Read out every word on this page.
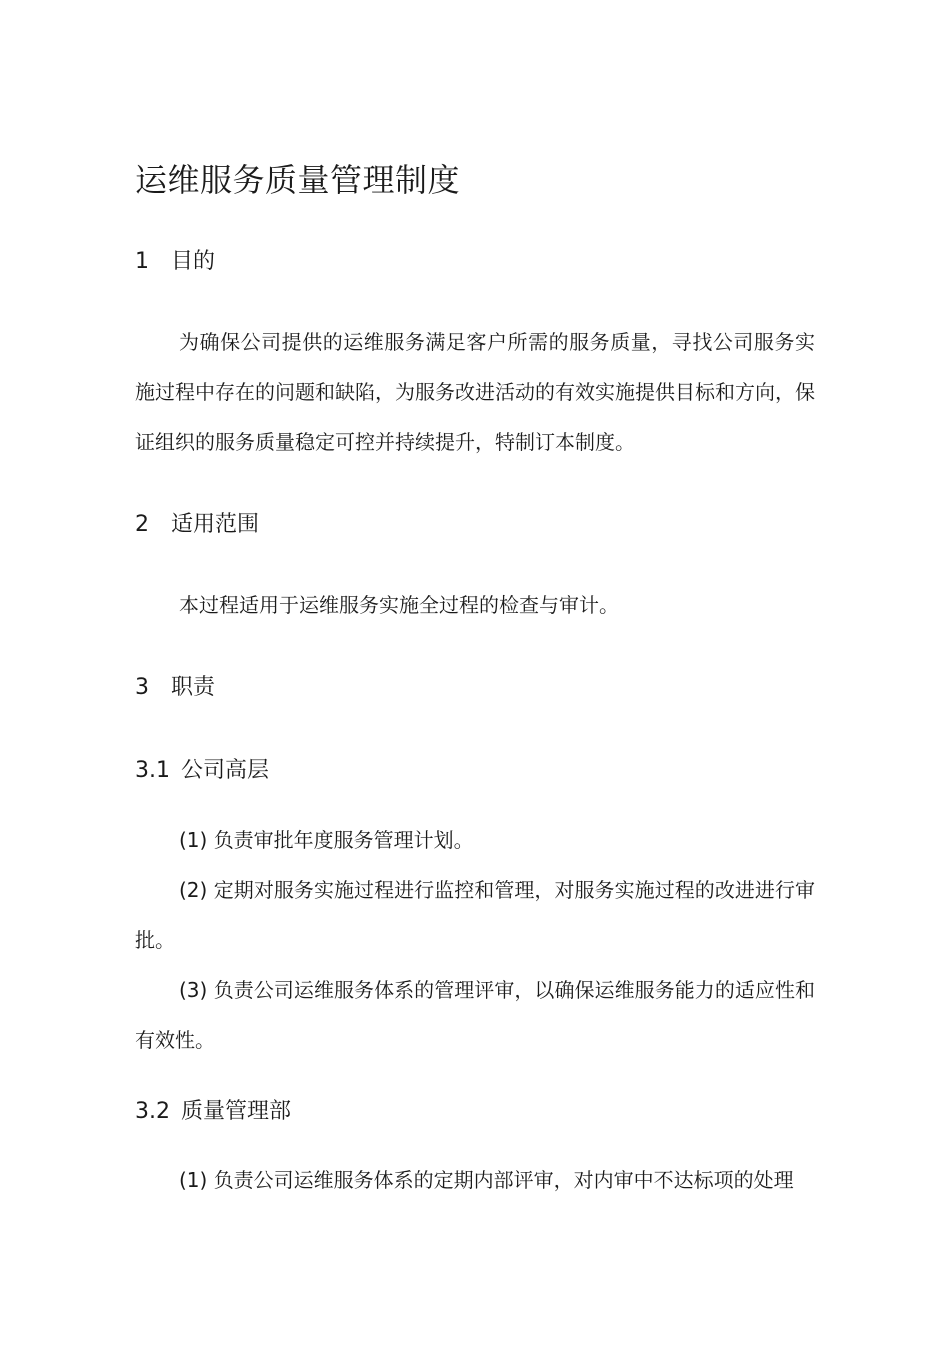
运维服务质量管理制度
1 目的

为确保公司提供的运维服务满足客户所需的服务质量，寻找公司服务实施过程中存在的问题和缺陷，为服务改进活动的有效实施提供目标和方向，保证组织的服务质量稳定可控并持续提升，特制订本制度。

2 适用范围

本过程适用于运维服务实施全过程的检查与审计。

3 职责
3.1 公司高层

(1) 负责审批年度服务管理计划。

(2) 定期对服务实施过程进行监控和管理，对服务实施过程的改进进行审批。

(3) 负责公司运维服务体系的管理评审，以确保运维服务能力的适应性和有效性。

3.2 质量管理部

(1) 负责公司运维服务体系的定期内部评审，对内审中不达标项的处理
